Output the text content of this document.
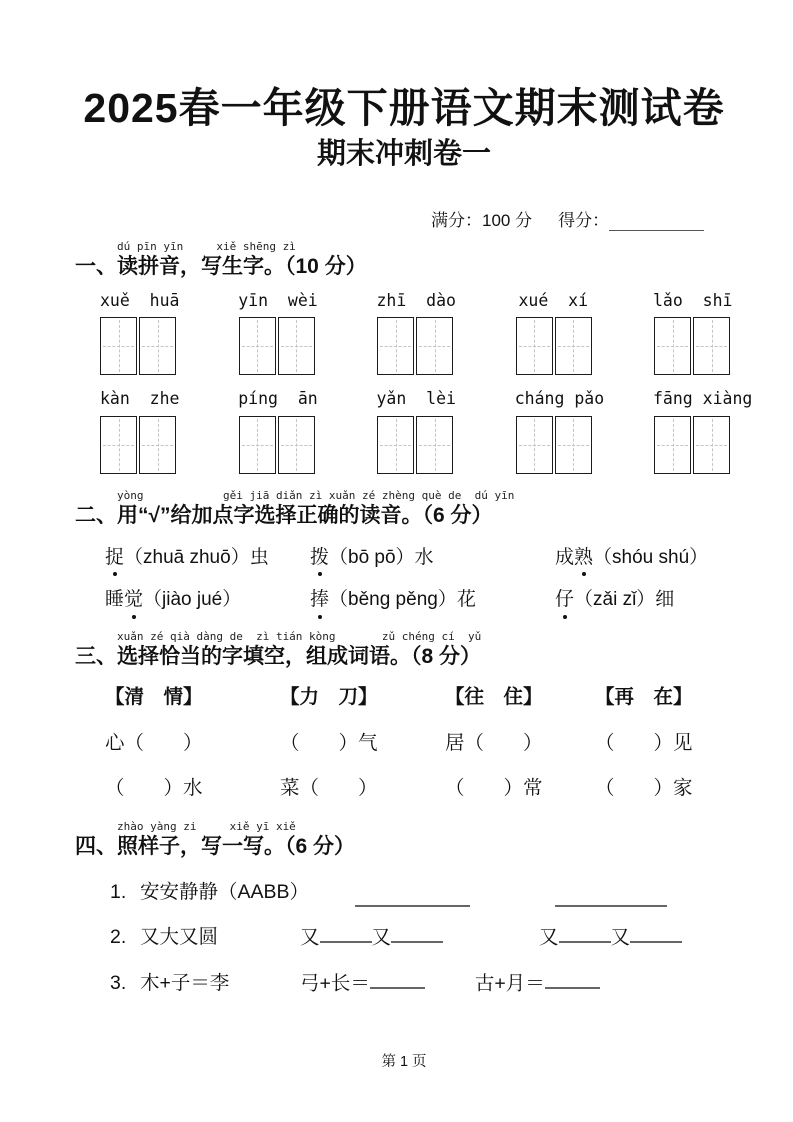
2025春一年级下册语文期末测试卷
期末冲刺卷一
满分：100 分 得分：
dú pīn yīn     xiě shēng zì
一、读拼音，写生字。（10 分）
xuě  huā	yīn  wèi	zhī  dào	xué  xí	lǎo  shī
kàn  zhe	píng  ān	yǎn  lèi	cháng pǎo	fāng xiàng
yòng            gěi jiā diǎn zì xuǎn zé zhèng què de  dú yīn
二、用“√”给加点字选择正确的读音。（6 分）
捉（zhuā zhuō）虫	拨（bō pō）水	成熟（shóu shú）
睡觉（jiào jué）	捧（běng pěng）花	仔（zǎi zǐ）细
xuǎn zé qià dàng de  zì tián kòng       zǔ chéng cí  yǔ
三、选择恰当的字填空，组成词语。（8 分）
【清　情】	【力　刀】	【往　住】	【再　在】
心（　　）	（　　）气	居（　　）	（　　）见
（　　）水	菜（　　）	（　　）常	（　　）家
zhào yàng zi     xiě yī xiě
四、照样子，写一写。（6 分）
1. 安安静静（AABB）
2. 又大又圆	又	又	又	又
3. 木+子＝李	弓+长＝	古+月＝
第 1 页
